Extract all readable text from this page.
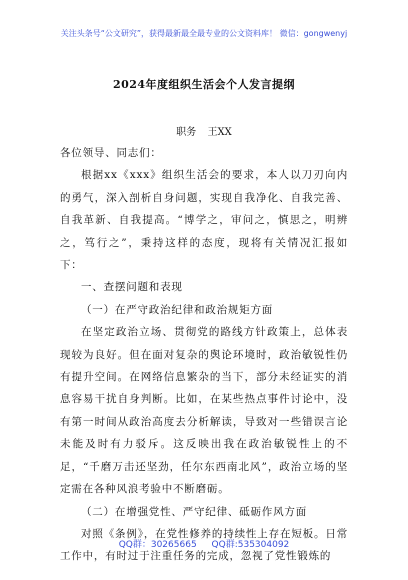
关注头条号“公文研究”，获得最新最全最专业的公文资料库！ 微信：gongwenyj
2024年度组织生活会个人发言提纲
职务 王XX

各位领导、同志们：

根据xx《xxx》组织生活会的要求，本人以刀刃向内的勇气，深入剖析自身问题，实现自我净化、自我完善、自我革新、自我提高。“博学之，审问之，慎思之，明辨之，笃行之”，秉持这样的态度，现将有关情况汇报如下：

一、查摆问题和表现

（一）在严守政治纪律和政治规矩方面

在坚定政治立场、贯彻党的路线方针政策上，总体表现较为良好。但在面对复杂的舆论环境时，政治敏锐性仍有提升空间。在网络信息繁杂的当下，部分未经证实的消息容易干扰自身判断。比如，在某些热点事件讨论中，没有第一时间从政治高度去分析解读，导致对一些错误言论未能及时有力驳斥。这反映出我在政治敏锐性上的不足，“千磨万击还坚劲，任尔东西南北风”，政治立场的坚定需在各种风浪考验中不断磨砺。

（二）在增强党性、严守纪律、砥砺作风方面

对照《条例》，在党性修养的持续性上存在短板。日常工作中，有时过于注重任务的完成，忽视了党性锻炼的

QQ群：30265665 QQ群:535304092
